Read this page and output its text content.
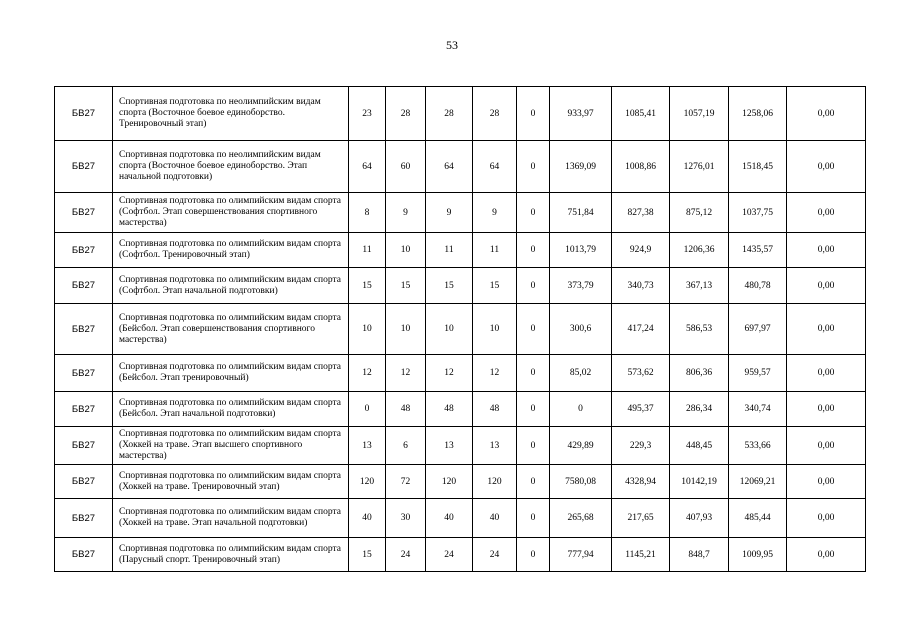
53
БВ27	Спортивная подготовка по неолимпийским видам спорта (Восточное боевое единоборство. Тренировочный этап)	23	28	28	28	0	933,97	1085,41	1057,19	1258,06	0,00
БВ27	Спортивная подготовка по неолимпийским видам спорта (Восточное боевое единоборство. Этап начальной подготовки)	64	60	64	64	0	1369,09	1008,86	1276,01	1518,45	0,00
БВ27	Спортивная подготовка по олимпийским видам спорта (Софтбол. Этап совершенствования спортивного мастерства)	8	9	9	9	0	751,84	827,38	875,12	1037,75	0,00
БВ27	Спортивная подготовка по олимпийским видам спорта (Софтбол. Тренировочный этап)	11	10	11	11	0	1013,79	924,9	1206,36	1435,57	0,00
БВ27	Спортивная подготовка по олимпийским видам спорта (Софтбол. Этап начальной подготовки)	15	15	15	15	0	373,79	340,73	367,13	480,78	0,00
БВ27	Спортивная подготовка по олимпийским видам спорта (Бейсбол. Этап совершенствования спортивного мастерства)	10	10	10	10	0	300,6	417,24	586,53	697,97	0,00
БВ27	Спортивная подготовка по олимпийским видам спорта (Бейсбол. Этап тренировочный)	12	12	12	12	0	85,02	573,62	806,36	959,57	0,00
БВ27	Спортивная подготовка по олимпийским видам спорта (Бейсбол. Этап начальной подготовки)	0	48	48	48	0	0	495,37	286,34	340,74	0,00
БВ27	Спортивная подготовка по олимпийским видам спорта (Хоккей на траве. Этап высшего спортивного мастерства)	13	6	13	13	0	429,89	229,3	448,45	533,66	0,00
БВ27	Спортивная подготовка по олимпийским видам спорта (Хоккей на траве. Тренировочный этап)	120	72	120	120	0	7580,08	4328,94	10142,19	12069,21	0,00
БВ27	Спортивная подготовка по олимпийским видам спорта (Хоккей на траве. Этап начальной подготовки)	40	30	40	40	0	265,68	217,65	407,93	485,44	0,00
БВ27	Спортивная подготовка по олимпийским видам спорта (Парусный спорт. Тренировочный этап)	15	24	24	24	0	777,94	1145,21	848,7	1009,95	0,00
